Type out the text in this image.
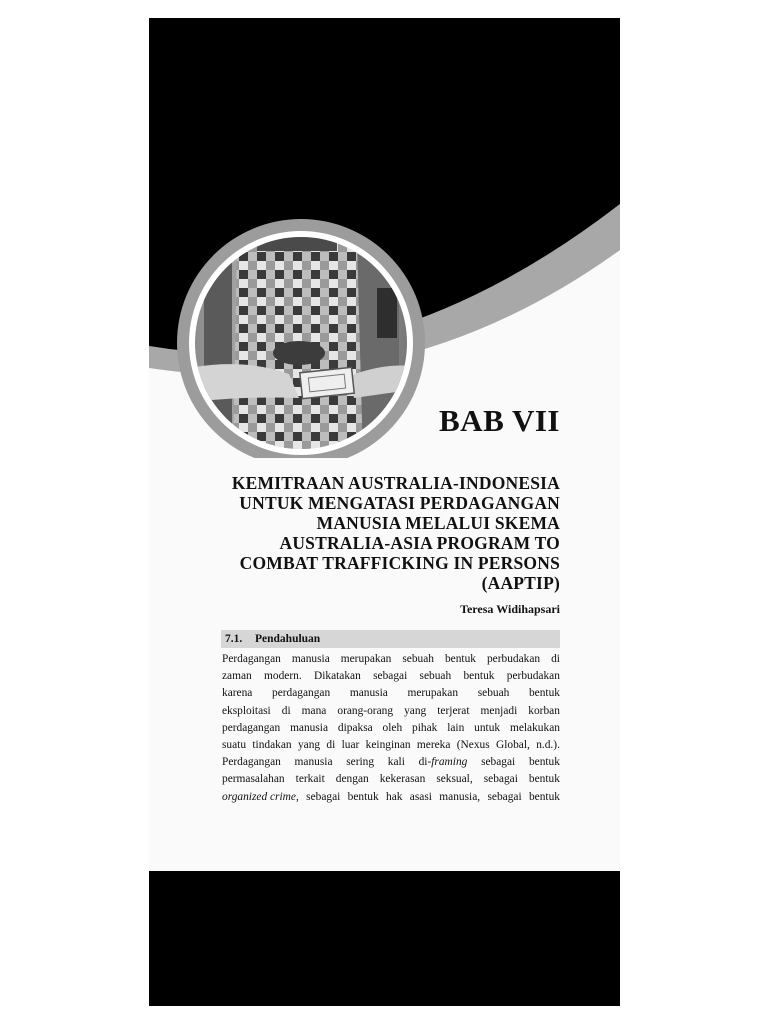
BAB VII
KEMITRAAN AUSTRALIA-INDONESIA
UNTUK MENGATASI PERDAGANGAN
MANUSIA MELALUI SKEMA
AUSTRALIA-ASIA PROGRAM TO
COMBAT TRAFFICKING IN PERSONS
(AAPTIP)
Teresa Widihapsari
7.1. Pendahuluan
Perdagangan manusia merupakan sebuah bentuk perbudakan di
zaman modern. Dikatakan sebagai sebuah bentuk perbudakan
karena perdagangan manusia merupakan sebuah bentuk
eksploitasi di mana orang-orang yang terjerat menjadi korban
perdagangan manusia dipaksa oleh pihak lain untuk melakukan
suatu tindakan yang di luar keinginan mereka (Nexus Global, n.d.).
Perdagangan manusia sering kali di-framing sebagai bentuk
permasalahan terkait dengan kekerasan seksual, sebagai bentuk
organized crime, sebagai bentuk hak asasi manusia, sebagai bentuk
